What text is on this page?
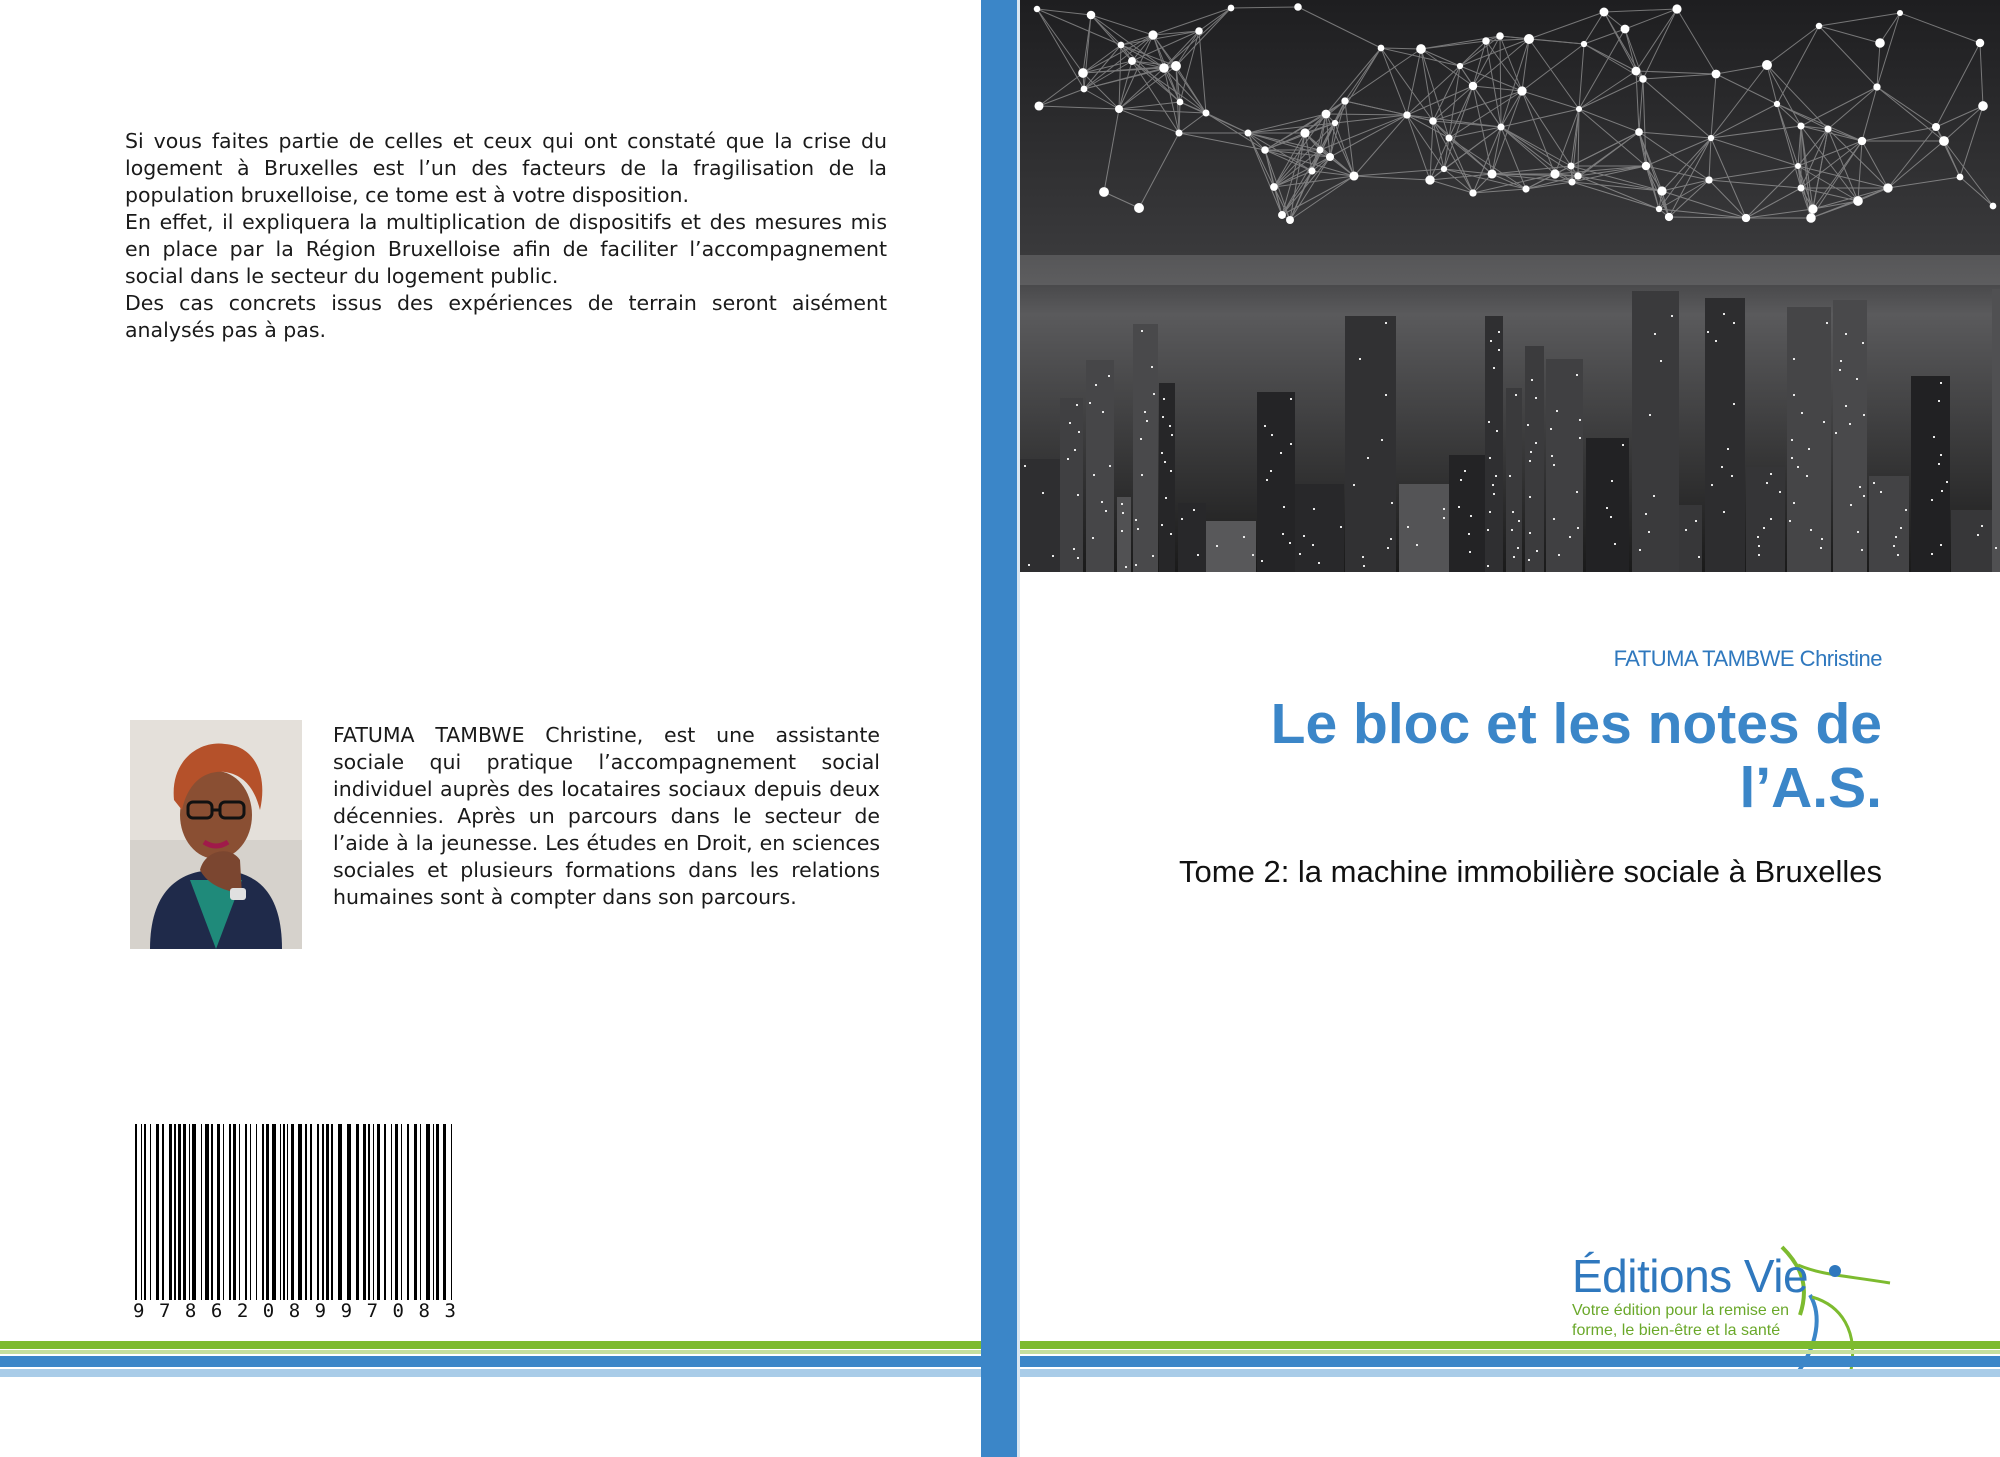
Si vous faites partie de celles et ceux qui ont constaté que la crise du logement à Bruxelles est l’un des facteurs de la fragilisation de la population bruxelloise, ce tome est à votre disposition.

En effet, il expliquera la multiplication de dispositifs et des mesures mis en place par la Région Bruxelloise afin de faciliter l’accompagnement social dans le secteur du logement public.

Des cas concrets issus des expériences de terrain seront aisément analysés pas à pas.

FATUMA TAMBWE Christine, est une assistante sociale qui pratique l’accompagnement social individuel auprès des locataires sociaux depuis deux décennies. Après un parcours dans le secteur de l’aide à la jeunesse. Les études en Droit, en sciences sociales et plusieurs formations dans les relations humaines sont à compter dans son parcours.
9 7 8 6 2 0 8 9 9 7 0 8 3
FATUMA TAMBWE Christine
Le bloc et les notes de l’A.S.
Tome 2: la machine immobilière sociale à Bruxelles
Éditions Vie
Votre édition pour la remise en forme, le bien-être et la santé
